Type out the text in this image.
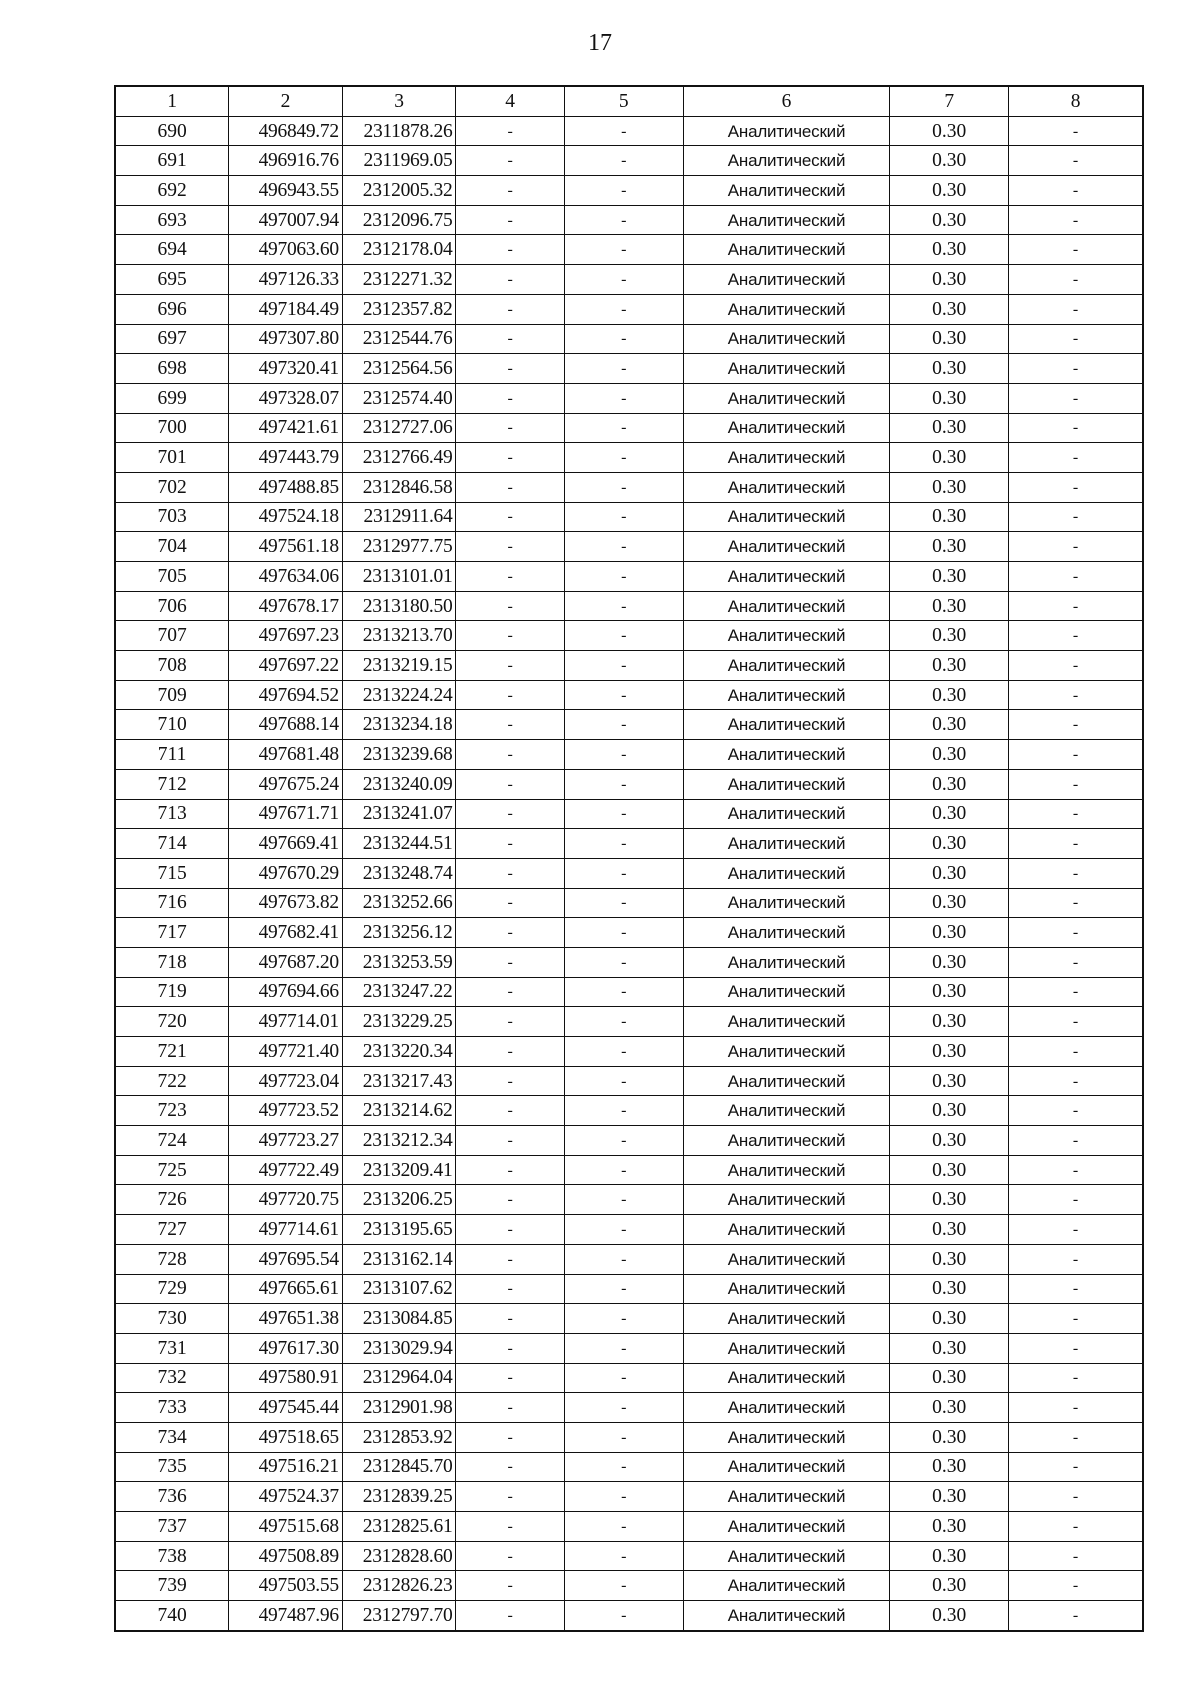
17
1	2	3	4	5	6	7	8
690	496849.72	2311878.26	-	-	Аналитический	0.30	-
691	496916.76	2311969.05	-	-	Аналитический	0.30	-
692	496943.55	2312005.32	-	-	Аналитический	0.30	-
693	497007.94	2312096.75	-	-	Аналитический	0.30	-
694	497063.60	2312178.04	-	-	Аналитический	0.30	-
695	497126.33	2312271.32	-	-	Аналитический	0.30	-
696	497184.49	2312357.82	-	-	Аналитический	0.30	-
697	497307.80	2312544.76	-	-	Аналитический	0.30	-
698	497320.41	2312564.56	-	-	Аналитический	0.30	-
699	497328.07	2312574.40	-	-	Аналитический	0.30	-
700	497421.61	2312727.06	-	-	Аналитический	0.30	-
701	497443.79	2312766.49	-	-	Аналитический	0.30	-
702	497488.85	2312846.58	-	-	Аналитический	0.30	-
703	497524.18	2312911.64	-	-	Аналитический	0.30	-
704	497561.18	2312977.75	-	-	Аналитический	0.30	-
705	497634.06	2313101.01	-	-	Аналитический	0.30	-
706	497678.17	2313180.50	-	-	Аналитический	0.30	-
707	497697.23	2313213.70	-	-	Аналитический	0.30	-
708	497697.22	2313219.15	-	-	Аналитический	0.30	-
709	497694.52	2313224.24	-	-	Аналитический	0.30	-
710	497688.14	2313234.18	-	-	Аналитический	0.30	-
711	497681.48	2313239.68	-	-	Аналитический	0.30	-
712	497675.24	2313240.09	-	-	Аналитический	0.30	-
713	497671.71	2313241.07	-	-	Аналитический	0.30	-
714	497669.41	2313244.51	-	-	Аналитический	0.30	-
715	497670.29	2313248.74	-	-	Аналитический	0.30	-
716	497673.82	2313252.66	-	-	Аналитический	0.30	-
717	497682.41	2313256.12	-	-	Аналитический	0.30	-
718	497687.20	2313253.59	-	-	Аналитический	0.30	-
719	497694.66	2313247.22	-	-	Аналитический	0.30	-
720	497714.01	2313229.25	-	-	Аналитический	0.30	-
721	497721.40	2313220.34	-	-	Аналитический	0.30	-
722	497723.04	2313217.43	-	-	Аналитический	0.30	-
723	497723.52	2313214.62	-	-	Аналитический	0.30	-
724	497723.27	2313212.34	-	-	Аналитический	0.30	-
725	497722.49	2313209.41	-	-	Аналитический	0.30	-
726	497720.75	2313206.25	-	-	Аналитический	0.30	-
727	497714.61	2313195.65	-	-	Аналитический	0.30	-
728	497695.54	2313162.14	-	-	Аналитический	0.30	-
729	497665.61	2313107.62	-	-	Аналитический	0.30	-
730	497651.38	2313084.85	-	-	Аналитический	0.30	-
731	497617.30	2313029.94	-	-	Аналитический	0.30	-
732	497580.91	2312964.04	-	-	Аналитический	0.30	-
733	497545.44	2312901.98	-	-	Аналитический	0.30	-
734	497518.65	2312853.92	-	-	Аналитический	0.30	-
735	497516.21	2312845.70	-	-	Аналитический	0.30	-
736	497524.37	2312839.25	-	-	Аналитический	0.30	-
737	497515.68	2312825.61	-	-	Аналитический	0.30	-
738	497508.89	2312828.60	-	-	Аналитический	0.30	-
739	497503.55	2312826.23	-	-	Аналитический	0.30	-
740	497487.96	2312797.70	-	-	Аналитический	0.30	-
